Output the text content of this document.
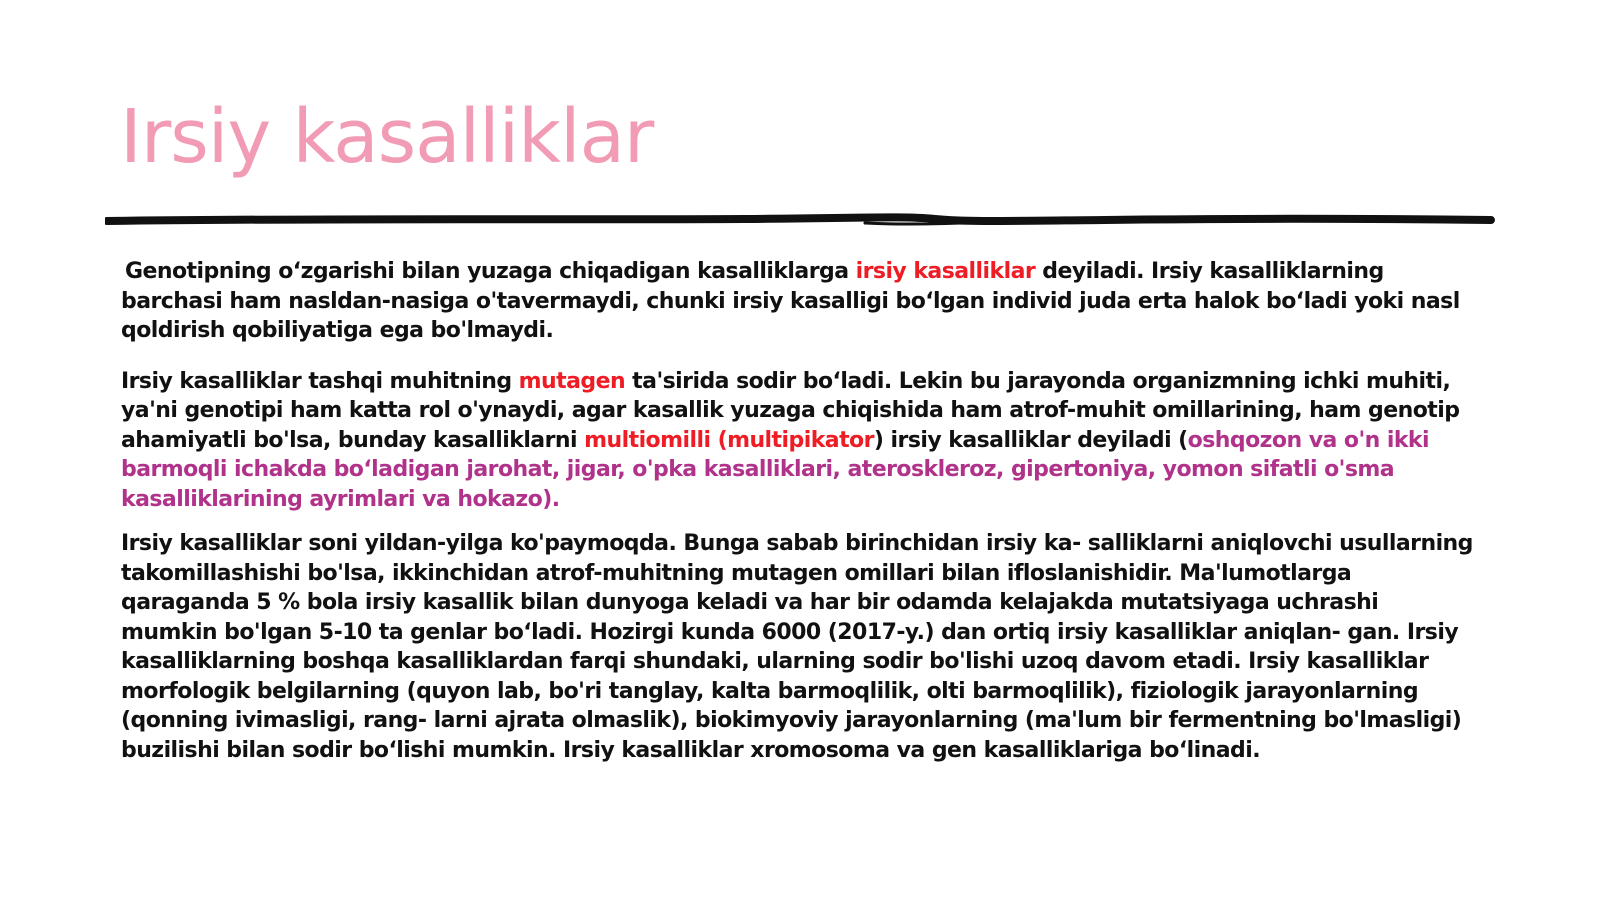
Irsiy kasalliklar

Genotipning o‘zgarishi bilan yuzaga chiqadigan kasalliklarga irsiy kasalliklar deyiladi. Irsiy kasalliklarning barchasi ham nasldan-nasiga o'tavermaydi, chunki irsiy kasalligi bo‘lgan individ juda erta halok bo‘ladi yoki nasl qoldirish qobiliyatiga ega bo'lmaydi.

Irsiy kasalliklar tashqi muhitning mutagen ta'sirida sodir bo‘ladi. Lekin bu jarayonda organizmning ichki muhiti, ya'ni genotipi ham katta rol o'ynaydi, agar kasallik yuzaga chiqishida ham atrof-muhit omillarining, ham genotip ahamiyatli bo'lsa, bunday kasalliklarni multiomilli (multipikator) irsiy kasalliklar deyiladi (oshqozon va o'n ikki barmoqli ichakda bo‘ladigan jarohat, jigar, o'pka kasalliklari, ateroskleroz, gipertoniya, yomon sifatli o'sma kasalliklarining ayrimlari va hokazo).

Irsiy kasalliklar soni yildan-yilga ko'paymoqda. Bunga sabab birinchidan irsiy ka- salliklarni aniqlovchi usullarning takomillashishi bo'lsa, ikkinchidan atrof-muhitning mutagen omillari bilan ifloslanishidir. Ma'lumotlarga qaraganda 5 % bola irsiy kasallik bilan dunyoga keladi va har bir odamda kelajakda mutatsiyaga uchrashi mumkin bo'lgan 5-10 ta genlar bo‘ladi. Hozirgi kunda 6000 (2017-y.) dan ortiq irsiy kasalliklar aniqlan- gan. Irsiy kasalliklarning boshqa kasalliklardan farqi shundaki, ularning sodir bo'lishi uzoq davom etadi. Irsiy kasalliklar morfologik belgilarning (quyon lab, bo'ri tanglay, kalta barmoqlilik, olti barmoqlilik), fiziologik jarayonlarning (qonning ivimasligi, rang- larni ajrata olmaslik), biokimyoviy jarayonlarning (ma'lum bir fermentning bo'lmasligi) buzilishi bilan sodir bo‘lishi mumkin. Irsiy kasalliklar xromosoma va gen kasalliklariga bo‘linadi.
